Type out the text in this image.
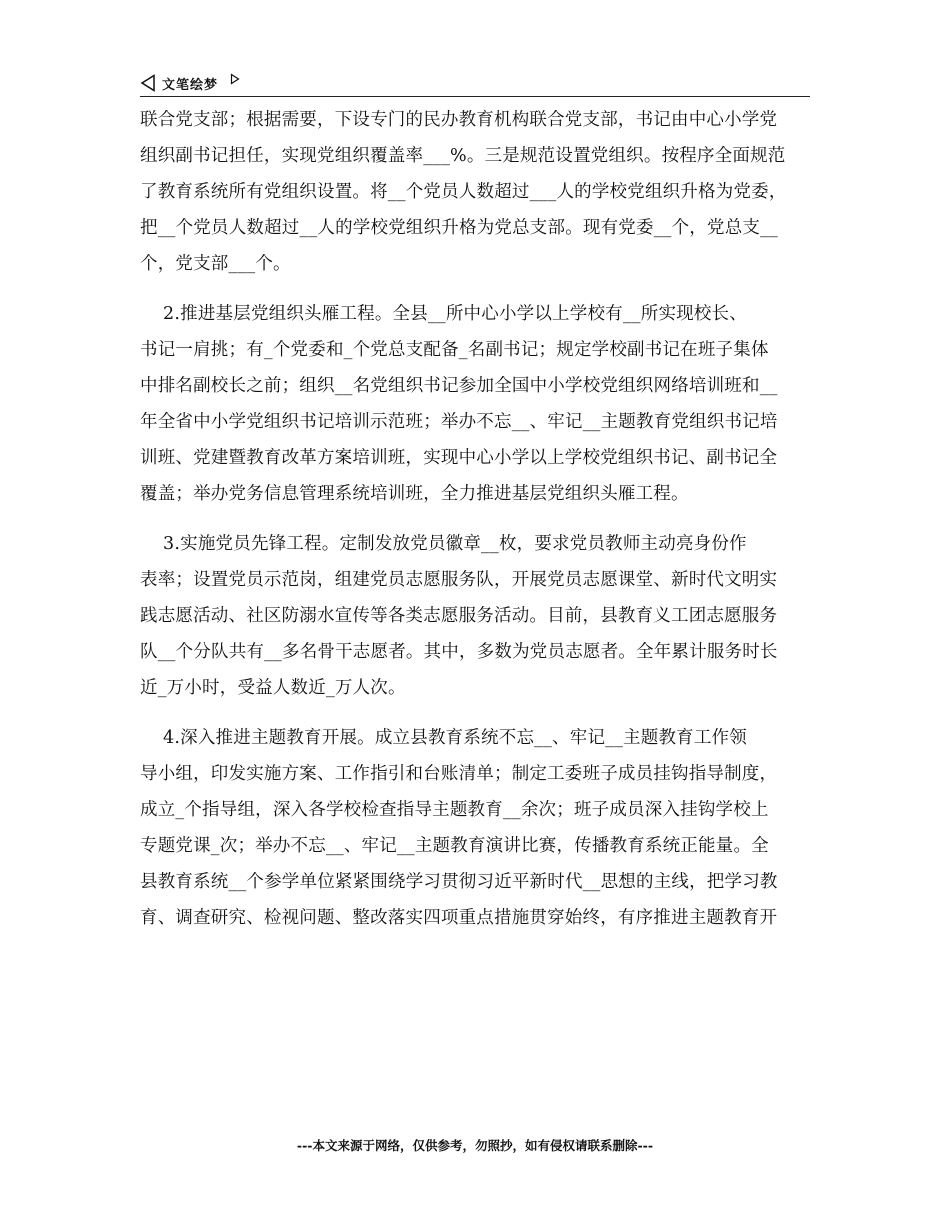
文笔绘梦
联合党支部；根据需要，下设专门的民办教育机构联合党支部，书记由中心小学党
组织副书记担任，实现党组织覆盖率___%。三是规范设置党组织。按程序全面规范
了教育系统所有党组织设置。将__个党员人数超过___人的学校党组织升格为党委，
把__个党员人数超过__人的学校党组织升格为党总支部。现有党委__个，党总支__
个，党支部___个。
2.推进基层党组织头雁工程。全县__所中心小学以上学校有__所实现校长、
书记一肩挑；有_个党委和_个党总支配备_名副书记；规定学校副书记在班子集体
中排名副校长之前；组织__名党组织书记参加全国中小学校党组织网络培训班和__
年全省中小学党组织书记培训示范班；举办不忘__、牢记__主题教育党组织书记培
训班、党建暨教育改革方案培训班，实现中心小学以上学校党组织书记、副书记全
覆盖；举办党务信息管理系统培训班，全力推进基层党组织头雁工程。
3.实施党员先锋工程。定制发放党员徽章__枚，要求党员教师主动亮身份作
表率；设置党员示范岗，组建党员志愿服务队，开展党员志愿课堂、新时代文明实
践志愿活动、社区防溺水宣传等各类志愿服务活动。目前，县教育义工团志愿服务
队__个分队共有__多名骨干志愿者。其中，多数为党员志愿者。全年累计服务时长
近_万小时，受益人数近_万人次。
4.深入推进主题教育开展。成立县教育系统不忘__、牢记__主题教育工作领
导小组，印发实施方案、工作指引和台账清单；制定工委班子成员挂钩指导制度，
成立_个指导组，深入各学校检查指导主题教育__余次；班子成员深入挂钩学校上
专题党课_次；举办不忘__、牢记__主题教育演讲比赛，传播教育系统正能量。全
县教育系统__个参学单位紧紧围绕学习贯彻习近平新时代__思想的主线，把学习教
育、调查研究、检视问题、整改落实四项重点措施贯穿始终，有序推进主题教育开
---本文来源于网络，仅供参考，勿照抄，如有侵权请联系删除---
